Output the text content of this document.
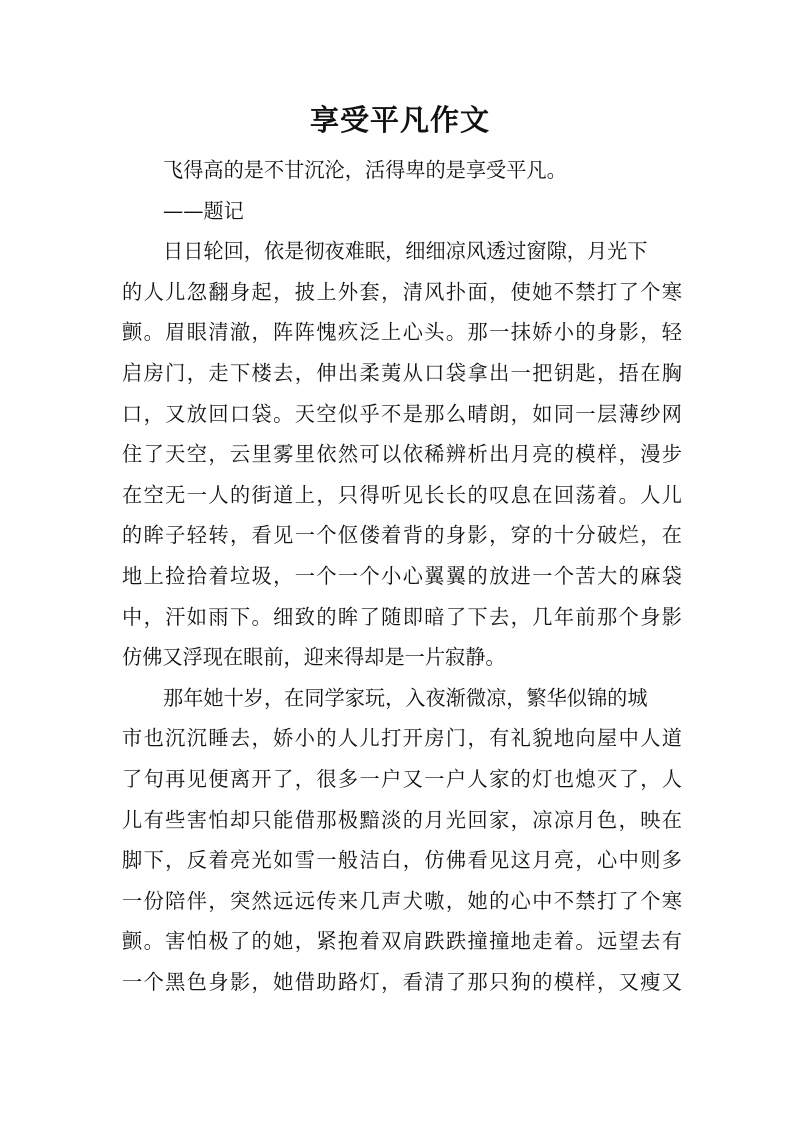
享受平凡作文
飞得高的是不甘沉沦，活得卑的是享受平凡。
——题记
日日轮回，依是彻夜难眠，细细凉风透过窗隙，月光下
的人儿忽翻身起，披上外套，清风扑面，使她不禁打了个寒
颤。眉眼清澈，阵阵愧疚泛上心头。那一抹娇小的身影，轻
启房门，走下楼去，伸出柔荑从口袋拿出一把钥匙，捂在胸
口，又放回口袋。天空似乎不是那么晴朗，如同一层薄纱网
住了天空，云里雾里依然可以依稀辨析出月亮的模样，漫步
在空无一人的街道上，只得听见长长的叹息在回荡着。人儿
的眸子轻转，看见一个伛偻着背的身影，穿的十分破烂，在
地上捡拾着垃圾，一个一个小心翼翼的放进一个苦大的麻袋
中，汗如雨下。细致的眸了随即暗了下去，几年前那个身影
仿佛又浮现在眼前，迎来得却是一片寂静。
那年她十岁，在同学家玩，入夜渐微凉，繁华似锦的城
市也沉沉睡去，娇小的人儿打开房门，有礼貌地向屋中人道
了句再见便离开了，很多一户又一户人家的灯也熄灭了，人
儿有些害怕却只能借那极黯淡的月光回家，凉凉月色，映在
脚下，反着亮光如雪一般洁白，仿佛看见这月亮，心中则多
一份陪伴，突然远远传来几声犬嗷，她的心中不禁打了个寒
颤。害怕极了的她，紧抱着双肩跌跌撞撞地走着。远望去有
一个黑色身影，她借助路灯，看清了那只狗的模样，又瘦又
